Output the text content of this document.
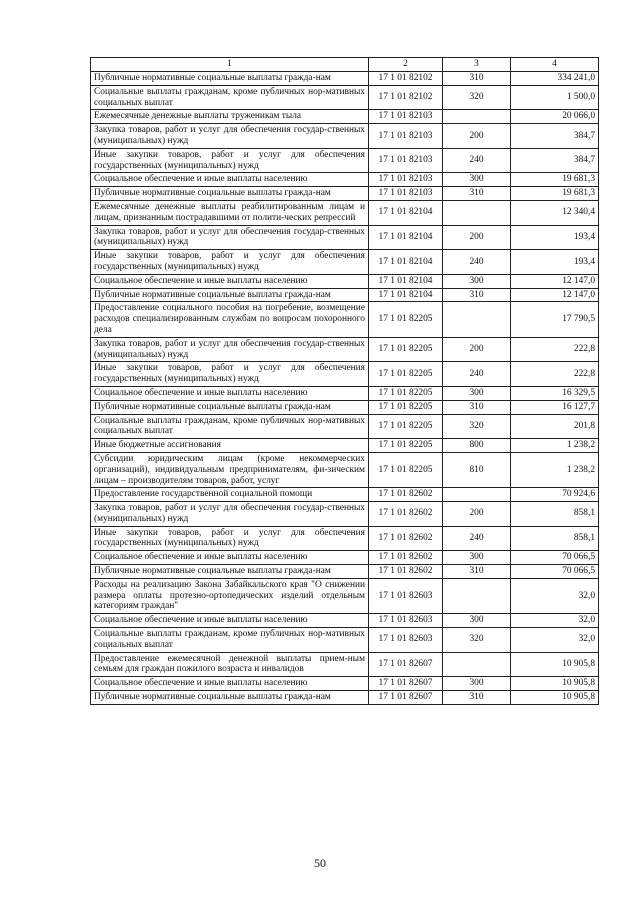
1	2	3	4
Публичные нормативные социальные выплаты гражда-нам	17 1 01 82102	310	334 241,0
Социальные выплаты гражданам, кроме публичных нор-мативных социальных выплат	17 1 01 82102	320	1 500,0
Ежемесячные денежные выплаты труженикам тыла	17 1 01 82103		20 066,0
Закупка товаров, работ и услуг для обеспечения государ-ственных (муниципальных) нужд	17 1 01 82103	200	384,7
Иные закупки товаров, работ и услуг для обеспечения государственных (муниципальных) нужд	17 1 01 82103	240	384,7
Социальное обеспечение и иные выплаты населению	17 1 01 82103	300	19 681,3
Публичные нормативные социальные выплаты гражда-нам	17 1 01 82103	310	19 681,3
Ежемесячные денежные выплаты реабилитированным лицам и лицам, признанным пострадавшими от полити-ческих репрессий	17 1 01 82104		12 340,4
Закупка товаров, работ и услуг для обеспечения государ-ственных (муниципальных) нужд	17 1 01 82104	200	193,4
Иные закупки товаров, работ и услуг для обеспечения государственных (муниципальных) нужд	17 1 01 82104	240	193,4
Социальное обеспечение и иные выплаты населению	17 1 01 82104	300	12 147,0
Публичные нормативные социальные выплаты гражда-нам	17 1 01 82104	310	12 147,0
Предоставление социального пособия на погребение, возмещение расходов специализированным службам по вопросам похоронного дела	17 1 01 82205		17 790,5
Закупка товаров, работ и услуг для обеспечения государ-ственных (муниципальных) нужд	17 1 01 82205	200	222,8
Иные закупки товаров, работ и услуг для обеспечения государственных (муниципальных) нужд	17 1 01 82205	240	222,8
Социальное обеспечение и иные выплаты населению	17 1 01 82205	300	16 329,5
Публичные нормативные социальные выплаты гражда-нам	17 1 01 82205	310	16 127,7
Социальные выплаты гражданам, кроме публичных нор-мативных социальных выплат	17 1 01 82205	320	201,8
Иные бюджетные ассигнования	17 1 01 82205	800	1 238,2
Субсидии юридическим лицам (кроме некоммерческих организаций), индивидуальным предпринимателям, фи-зическим лицам – производителям товаров, работ, услуг	17 1 01 82205	810	1 238,2
Предоставление государственной социальной помощи	17 1 01 82602		70 924,6
Закупка товаров, работ и услуг для обеспечения государ-ственных (муниципальных) нужд	17 1 01 82602	200	858,1
Иные закупки товаров, работ и услуг для обеспечения государственных (муниципальных) нужд	17 1 01 82602	240	858,1
Социальное обеспечение и иные выплаты населению	17 1 01 82602	300	70 066,5
Публичные нормативные социальные выплаты гражда-нам	17 1 01 82602	310	70 066,5
Расходы на реализацию Закона Забайкальского края "О снижении размера оплаты протезно-ортопедических изделий отдельным категориям граждан"	17 1 01 82603		32,0
Социальное обеспечение и иные выплаты населению	17 1 01 82603	300	32,0
Социальные выплаты гражданам, кроме публичных нор-мативных социальных выплат	17 1 01 82603	320	32,0
Предоставление ежемесячной денежной выплаты прием-ным семьям для граждан пожилого возраста и инвалидов	17 1 01 82607		10 905,8
Социальное обеспечение и иные выплаты населению	17 1 01 82607	300	10 905,8
Публичные нормативные социальные выплаты гражда-нам	17 1 01 82607	310	10 905,8
50
